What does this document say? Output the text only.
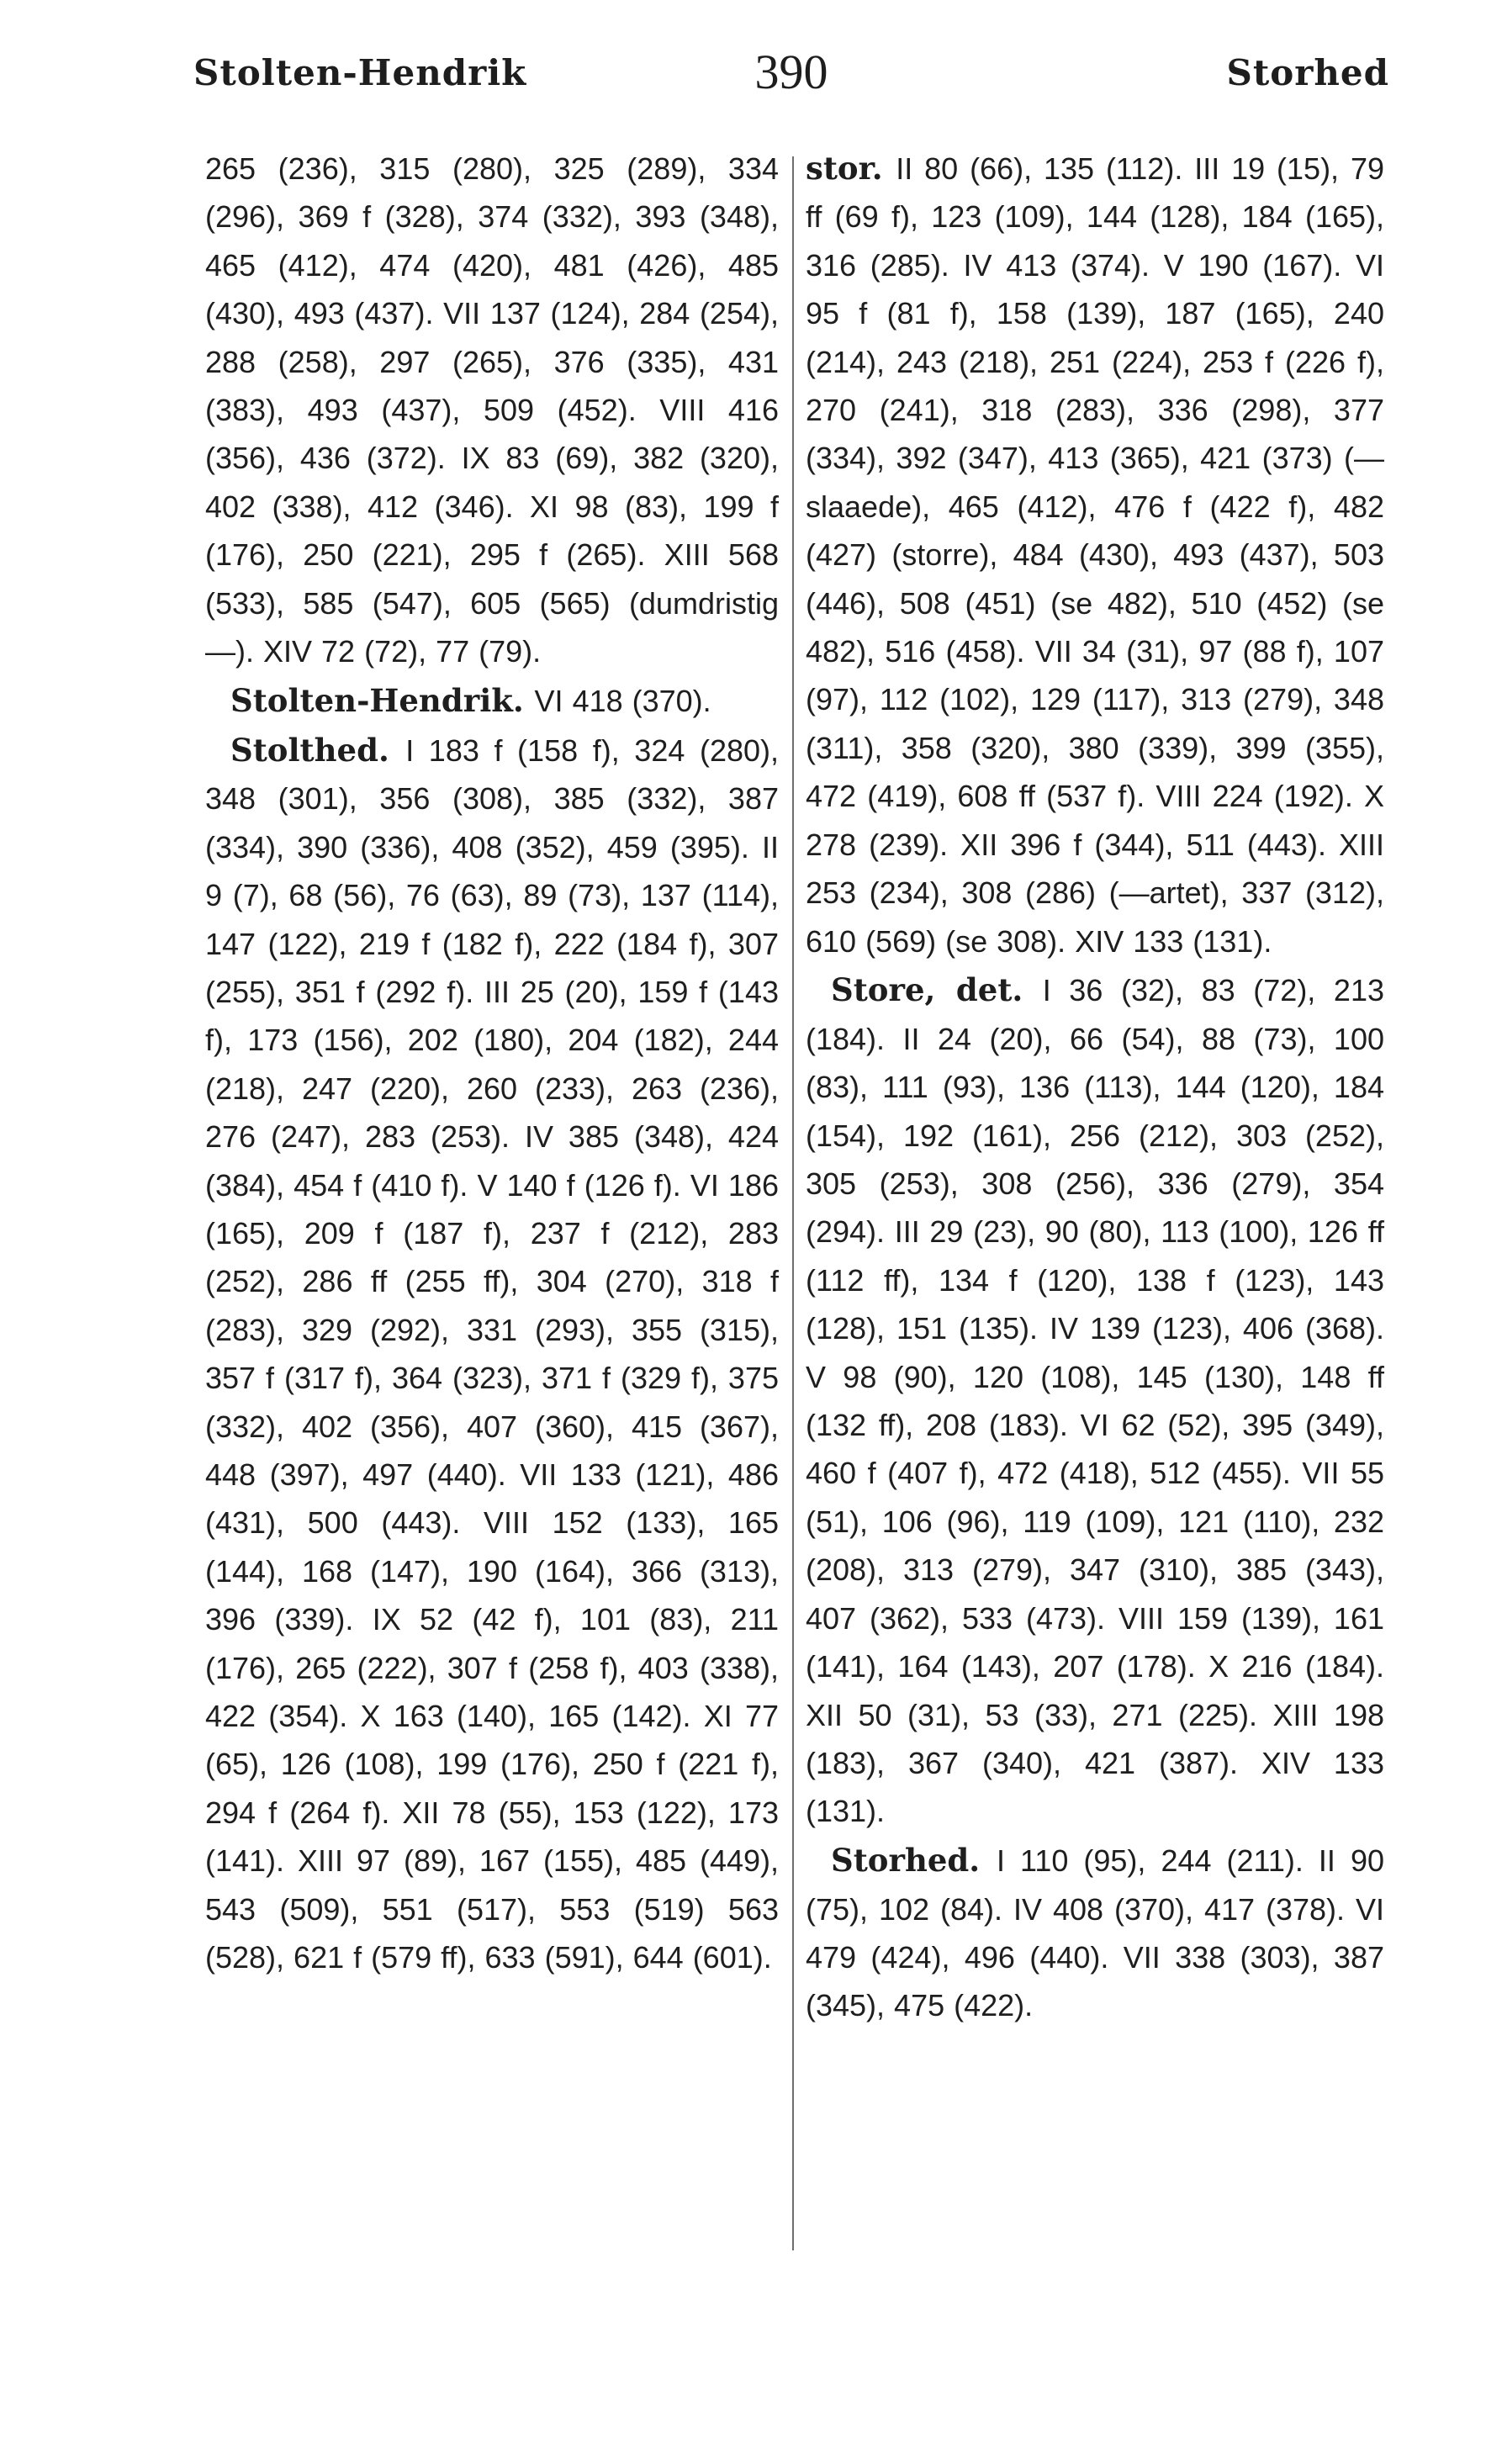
Stolten-Hendrik	390	Storhed

265 (236), 315 (280), 325 (289), 334 (296), 369 f (328), 374 (332), 393 (348), 465 (412), 474 (420), 481 (426), 485 (430), 493 (437). VII 137 (124), 284 (254), 288 (258), 297 (265), 376 (335), 431 (383), 493 (437), 509 (452). VIII 416 (356), 436 (372). IX 83 (69), 382 (320), 402 (338), 412 (346). XI 98 (83), 199 f (176), 250 (221), 295 f (265). XIII 568 (533), 585 (547), 605 (565) (dumdristig—). XIV 72 (72), 77 (79).

Stolten-Hendrik. VI 418 (370).

Stolthed. I 183 f (158 f), 324 (280), 348 (301), 356 (308), 385 (332), 387 (334), 390 (336), 408 (352), 459 (395). II 9 (7), 68 (56), 76 (63), 89 (73), 137 (114), 147 (122), 219 f (182 f), 222 (184 f), 307 (255), 351 f (292 f). III 25 (20), 159 f (143 f), 173 (156), 202 (180), 204 (182), 244 (218), 247 (220), 260 (233), 263 (236), 276 (247), 283 (253). IV 385 (348), 424 (384), 454 f (410 f). V 140 f (126 f). VI 186 (165), 209 f (187 f), 237 f (212), 283 (252), 286 ff (255 ff), 304 (270), 318 f (283), 329 (292), 331 (293), 355 (315), 357 f (317 f), 364 (323), 371 f (329 f), 375 (332), 402 (356), 407 (360), 415 (367), 448 (397), 497 (440). VII 133 (121), 486 (431), 500 (443). VIII 152 (133), 165 (144), 168 (147), 190 (164), 366 (313), 396 (339). IX 52 (42 f), 101 (83), 211 (176), 265 (222), 307 f (258 f), 403 (338), 422 (354). X 163 (140), 165 (142). XI 77 (65), 126 (108), 199 (176), 250 f (221 f), 294 f (264 f). XII 78 (55), 153 (122), 173 (141). XIII 97 (89), 167 (155), 485 (449), 543 (509), 551 (517), 553 (519) 563 (528), 621 f (579 ff), 633 (591), 644 (601).

stor. II 80 (66), 135 (112). III 19 (15), 79 ff (69 f), 123 (109), 144 (128), 184 (165), 316 (285). IV 413 (374). V 190 (167). VI 95 f (81 f), 158 (139), 187 (165), 240 (214), 243 (218), 251 (224), 253 f (226 f), 270 (241), 318 (283), 336 (298), 377 (334), 392 (347), 413 (365), 421 (373) (—slaaede), 465 (412), 476 f (422 f), 482 (427) (storre), 484 (430), 493 (437), 503 (446), 508 (451) (se 482), 510 (452) (se 482), 516 (458). VII 34 (31), 97 (88 f), 107 (97), 112 (102), 129 (117), 313 (279), 348 (311), 358 (320), 380 (339), 399 (355), 472 (419), 608 ff (537 f). VIII 224 (192). X 278 (239). XII 396 f (344), 511 (443). XIII 253 (234), 308 (286) (—artet), 337 (312), 610 (569) (se 308). XIV 133 (131).

Store, det. I 36 (32), 83 (72), 213 (184). II 24 (20), 66 (54), 88 (73), 100 (83), 111 (93), 136 (113), 144 (120), 184 (154), 192 (161), 256 (212), 303 (252), 305 (253), 308 (256), 336 (279), 354 (294). III 29 (23), 90 (80), 113 (100), 126 ff (112 ff), 134 f (120), 138 f (123), 143 (128), 151 (135). IV 139 (123), 406 (368). V 98 (90), 120 (108), 145 (130), 148 ff (132 ff), 208 (183). VI 62 (52), 395 (349), 460 f (407 f), 472 (418), 512 (455). VII 55 (51), 106 (96), 119 (109), 121 (110), 232 (208), 313 (279), 347 (310), 385 (343), 407 (362), 533 (473). VIII 159 (139), 161 (141), 164 (143), 207 (178). X 216 (184). XII 50 (31), 53 (33), 271 (225). XIII 198 (183), 367 (340), 421 (387). XIV 133 (131).

Storhed. I 110 (95), 244 (211). II 90 (75), 102 (84). IV 408 (370), 417 (378). VI 479 (424), 496 (440). VII 338 (303), 387 (345), 475 (422).
